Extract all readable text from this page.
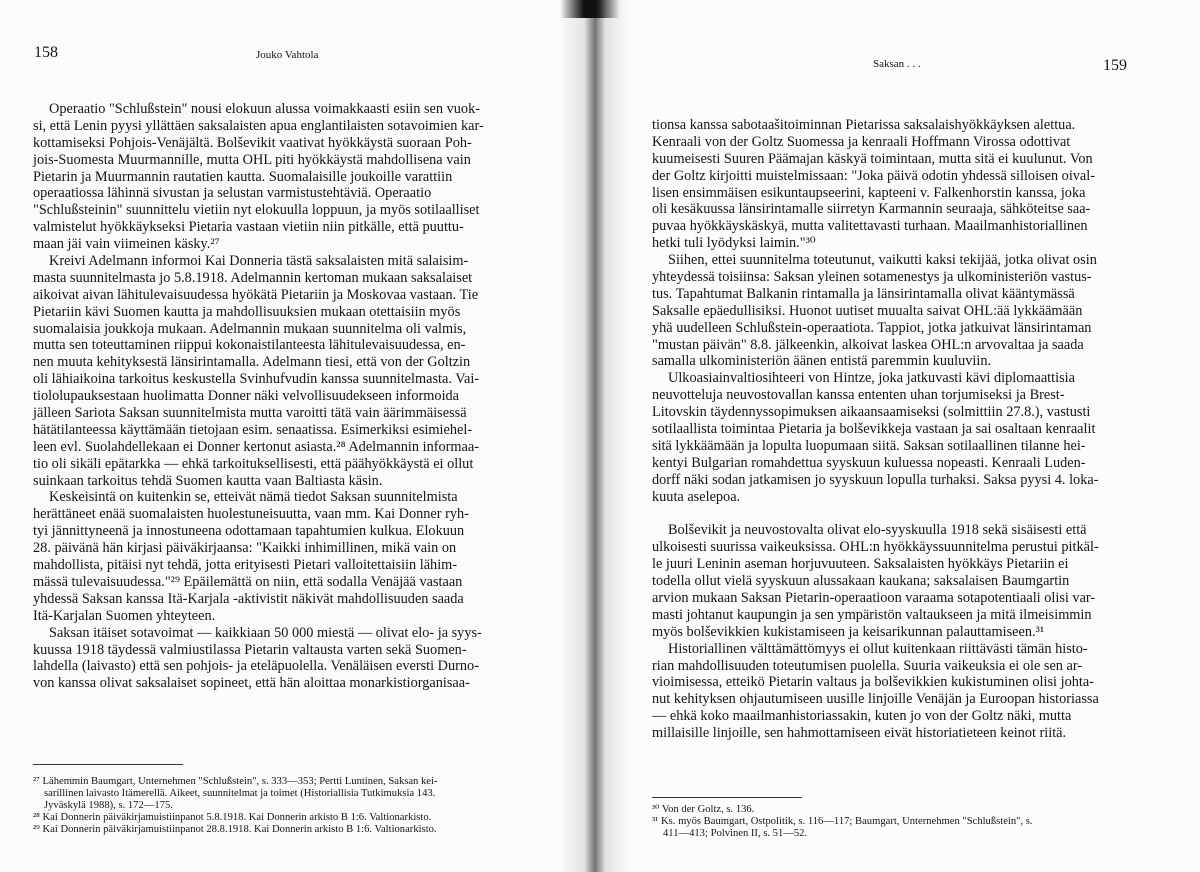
158	Jouko Vahtola
Operaatio "Schlußstein" nousi elokuun alussa voimakkaasti esiin sen vuok-
si, että Lenin pyysi yllättäen saksalaisten apua englantilaisten sotavoimien kar-
kottamiseksi Pohjois-Venäjältä. Bolševikit vaativat hyökkäystä suoraan Poh-
jois-Suomesta Muurmannille, mutta OHL piti hyökkäystä mahdollisena vain
Pietarin ja Muurmannin rautatien kautta. Suomalaisille joukoille varattiin
operaatiossa lähinnä sivustan ja selustan varmistustehtäviä. Operaatio
"Schlußsteinin" suunnittelu vietiin nyt elokuulla loppuun, ja myös sotilaalliset
valmistelut hyökkäykseksi Pietaria vastaan vietiin niin pitkälle, että puuttu-
maan jäi vain viimeinen käsky.²⁷
Kreivi Adelmann informoi Kai Donneria tästä saksalaisten mitä salaisim-
masta suunnitelmasta jo 5.8.1918. Adelmannin kertoman mukaan saksalaiset
aikoivat aivan lähitulevaisuudessa hyökätä Pietariin ja Moskovaa vastaan. Tie
Pietariin kävi Suomen kautta ja mahdollisuuksien mukaan otettaisiin myös
suomalaisia joukkoja mukaan. Adelmannin mukaan suunnitelma oli valmis,
mutta sen toteuttaminen riippui kokonaistilanteesta lähitulevaisuudessa, en-
nen muuta kehityksestä länsirintamalla. Adelmann tiesi, että von der Goltzin
oli lähiaikoina tarkoitus keskustella Svinhufvudin kanssa suunnitelmasta. Vai-
tiololupauksestaan huolimatta Donner näki velvollisuudekseen informoida
jälleen Sariota Saksan suunnitelmista mutta varoitti tätä vain äärimmäisessä
hätätilanteessa käyttämään tietojaan esim. senaatissa. Esimerkiksi esimiehel-
leen evl. Suolahdellekaan ei Donner kertonut asiasta.²⁸ Adelmannin informaa-
tio oli sikäli epätarkka — ehkä tarkoituksellisesti, että päähyökkäystä ei ollut
suinkaan tarkoitus tehdä Suomen kautta vaan Baltiasta käsin.
Keskeisintä on kuitenkin se, etteivät nämä tiedot Saksan suunnitelmista
herättäneet enää suomalaisten huolestuneisuutta, vaan mm. Kai Donner ryh-
tyi jännittyneenä ja innostuneena odottamaan tapahtumien kulkua. Elokuun
28. päivänä hän kirjasi päiväkirjaansa: "Kaikki inhimillinen, mikä vain on
mahdollista, pitäisi nyt tehdä, jotta erityisesti Pietari valloitettaisiin lähim-
mässä tulevaisuudessa."²⁹ Epäilemättä on niin, että sodalla Venäjää vastaan
yhdessä Saksan kanssa Itä-Karjala -aktivistit näkivät mahdollisuuden saada
Itä-Karjalan Suomen yhteyteen.
Saksan itäiset sotavoimat — kaikkiaan 50 000 miestä — olivat elo- ja syys-
kuussa 1918 täydessä valmiustilassa Pietarin valtausta varten sekä Suomen-
lahdella (laivasto) että sen pohjois- ja eteläpuolella. Venäläisen eversti Durno-
von kanssa olivat saksalaiset sopineet, että hän aloittaa monarkistiorganisaa-
²⁷ Lähemmin Baumgart, Unternehmen "Schlußstein", s. 333—353; Pertti Luntinen, Saksan kei-
sarillinen laivasto Itämerellä. Aikeet, suunnitelmat ja toimet (Historiallisia Tutkimuksia 143.
Jyväskylä 1988), s. 172—175.
²⁸ Kai Donnerin päiväkirjamuistiinpanot 5.8.1918. Kai Donnerin arkisto B 1:6. Valtionarkisto.
²⁹ Kai Donnerin päiväkirjamuistiinpanot 28.8.1918. Kai Donnerin arkisto B 1:6. Valtionarkisto.
Saksan . . .	159
tionsa kanssa sabotaašitoiminnan Pietarissa saksalaishyökkäyksen alettua.
Kenraali von der Goltz Suomessa ja kenraali Hoffmann Virossa odottivat
kuumeisesti Suuren Päämajan käskyä toimintaan, mutta sitä ei kuulunut. Von
der Goltz kirjoitti muistelmissaan: "Joka päivä odotin yhdessä silloisen oival-
lisen ensimmäisen esikuntaupseerini, kapteeni v. Falkenhorstin kanssa, joka
oli kesäkuussa länsirintamalle siirretyn Karmannin seuraaja, sähköteitse saa-
puvaa hyökkäyskäskyä, mutta valitettavasti turhaan. Maailmanhistoriallinen
hetki tuli lyödyksi laimin."³⁰
Siihen, ettei suunnitelma toteutunut, vaikutti kaksi tekijää, jotka olivat osin
yhteydessä toisiinsa: Saksan yleinen sotamenestys ja ulkoministeriön vastus-
tus. Tapahtumat Balkanin rintamalla ja länsirintamalla olivat kääntymässä
Saksalle epäedullisiksi. Huonot uutiset muualta saivat OHL:ää lykkäämään
yhä uudelleen Schlußstein-operaatiota. Tappiot, jotka jatkuivat länsirintaman
"mustan päivän" 8.8. jälkeenkin, alkoivat laskea OHL:n arvovaltaa ja saada
samalla ulkoministeriön äänen entistä paremmin kuuluviin.
Ulkoasiainvaltiosihteeri von Hintze, joka jatkuvasti kävi diplomaattisia
neuvotteluja neuvostovallan kanssa ententen uhan torjumiseksi ja Brest-
Litovskin täydennyssopimuksen aikaansaamiseksi (solmittiin 27.8.), vastusti
sotilaallista toimintaa Pietaria ja bolševikkeja vastaan ja sai osaltaan kenraalit
sitä lykkäämään ja lopulta luopumaan siitä. Saksan sotilaallinen tilanne hei-
kentyi Bulgarian romahdettua syyskuun kuluessa nopeasti. Kenraali Luden-
dorff näki sodan jatkamisen jo syyskuun lopulla turhaksi. Saksa pyysi 4. loka-
kuuta aselepoa.
Bolševikit ja neuvostovalta olivat elo-syyskuulla 1918 sekä sisäisesti että
ulkoisesti suurissa vaikeuksissa. OHL:n hyökkäyssuunnitelma perustui pitkäl-
le juuri Leninin aseman horjuvuuteen. Saksalaisten hyökkäys Pietariin ei
todella ollut vielä syyskuun alussakaan kaukana; saksalaisen Baumgartin
arvion mukaan Saksan Pietarin-operaatioon varaama sotapotentiaali olisi var-
masti johtanut kaupungin ja sen ympäristön valtaukseen ja mitä ilmeisimmin
myös bolševikkien kukistamiseen ja keisarikunnan palauttamiseen.³¹
Historiallinen välttämättömyys ei ollut kuitenkaan riittävästi tämän histo-
rian mahdollisuuden toteutumisen puolella. Suuria vaikeuksia ei ole sen ar-
vioimisessa, etteikö Pietarin valtaus ja bolševikkien kukistuminen olisi johta-
nut kehityksen ohjautumiseen uusille linjoille Venäjän ja Euroopan historiassa
— ehkä koko maailmanhistoriassakin, kuten jo von der Goltz näki, mutta
millaisille linjoille, sen hahmottamiseen eivät historiatieteen keinot riitä.
³⁰ Von der Goltz, s. 136.
³¹ Ks. myös Baumgart, Ostpolitik, s. 116—117; Baumgart, Unternehmen "Schlußstein", s.
411—413; Polvinen II, s. 51—52.
